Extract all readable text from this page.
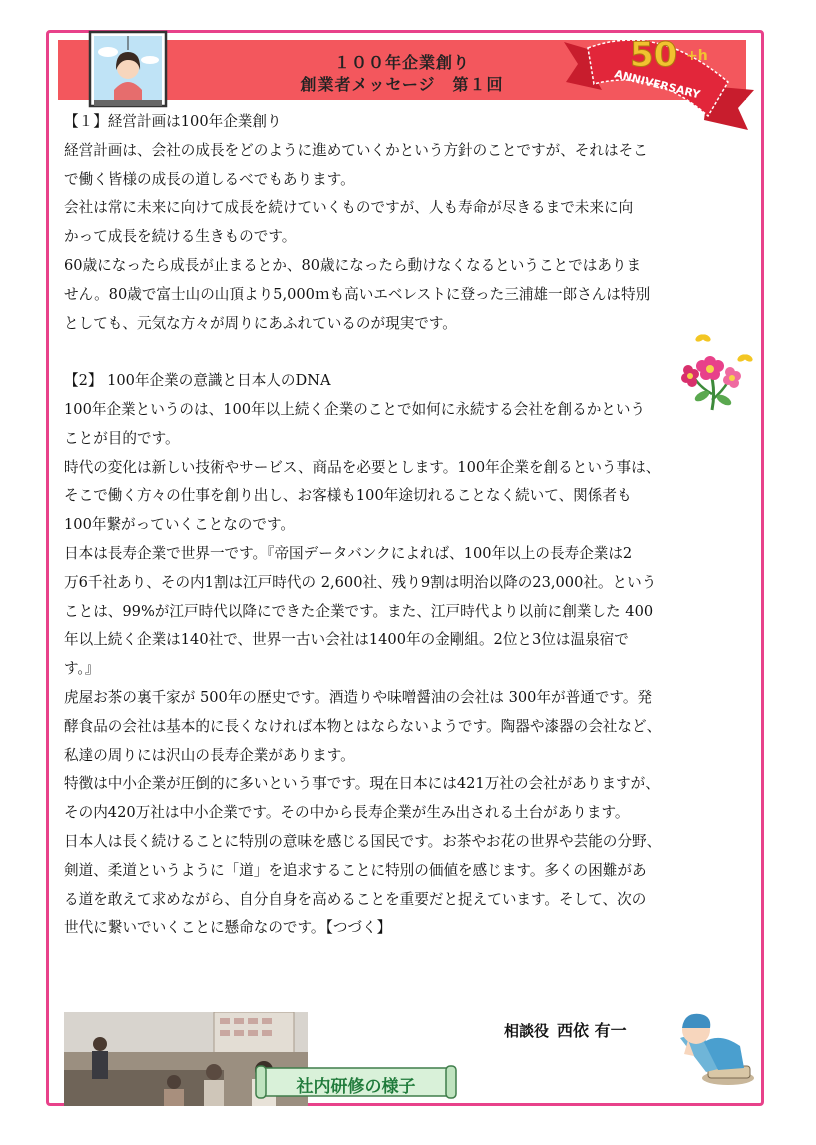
１００年企業創り
創業者メッセージ　第１回
50 +h
ANNIVERSARY

【１】経営計画は100年企業創り

経営計画は、会社の成長をどのように進めていくかという方針のことですが、それはそこ

で働く皆様の成長の道しるべでもあります。

会社は常に未来に向けて成長を続けていくものですが、人も寿命が尽きるまで未来に向

かって成長を続ける生きものです。

60歳になったら成長が止まるとか、80歳になったら動けなくなるということではありま

せん。80歳で富士山の山頂より5,000ｍも高いエベレストに登った三浦雄一郎さんは特別

としても、元気な方々が周りにあふれているのが現実です。

【2】 100年企業の意識と日本人のDNA

100年企業というのは、100年以上続く企業のことで如何に永続する会社を創るかという

ことが目的です。

時代の変化は新しい技術やサービス、商品を必要とします。100年企業を創るという事は、

そこで働く方々の仕事を創り出し、お客様も100年途切れることなく続いて、関係者も

100年繋がっていくことなのです。

日本は長寿企業で世界一です。『帝国データバンクによれば、100年以上の長寿企業は2

万6千社あり、その内1割は江戸時代の 2,600社、残り9割は明治以降の23,000社。という

ことは、99%が江戸時代以降にできた企業です。また、江戸時代より以前に創業した 400

年以上続く企業は140社で、世界一古い会社は1400年の金剛組。2位と3位は温泉宿で

す。』

虎屋お茶の裏千家が 500年の歴史です。酒造りや味噌醤油の会社は 300年が普通です。発

酵食品の会社は基本的に長くなければ本物とはならないようです。陶器や漆器の会社など、

私達の周りには沢山の長寿企業があります。

特徴は中小企業が圧倒的に多いという事です。現在日本には421万社の会社がありますが、

その内420万社は中小企業です。その中から長寿企業が生み出される土台があります。

日本人は長く続けることに特別の意味を感じる国民です。お茶やお花の世界や芸能の分野、

剣道、柔道というように「道」を追求することに特別の価値を感じます。多くの困難があ

る道を敢えて求めながら、自分自身を高めることを重要だと捉えています。そして、次の

世代に繋いでいくことに懸命なのです。【つづく】

社内研修の様子
相談役 西依 有一
